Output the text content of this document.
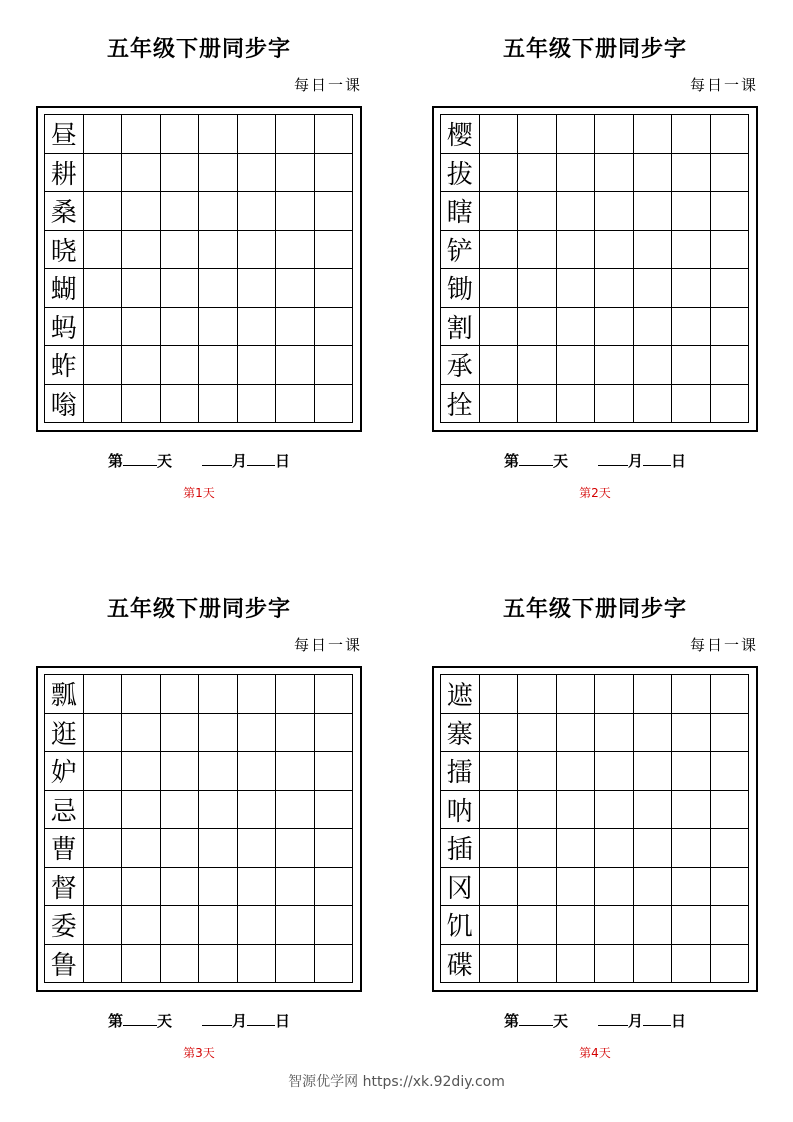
五年级下册同步字
每日一课
昼
耕
桑
晓
蝴
蚂
蚱
嗡
第 天	月 日
第1天
五年级下册同步字
每日一课
樱
拔
瞎
铲
锄
割
承
拴
第 天	月 日
第2天
五年级下册同步字
每日一课
瓢
逛
妒
忌
曹
督
委
鲁
第 天	月 日
第3天
五年级下册同步字
每日一课
遮
寨
擂
呐
插
冈
饥
碟
第 天	月 日
第4天
智源优学网 https://xk.92diy.com
